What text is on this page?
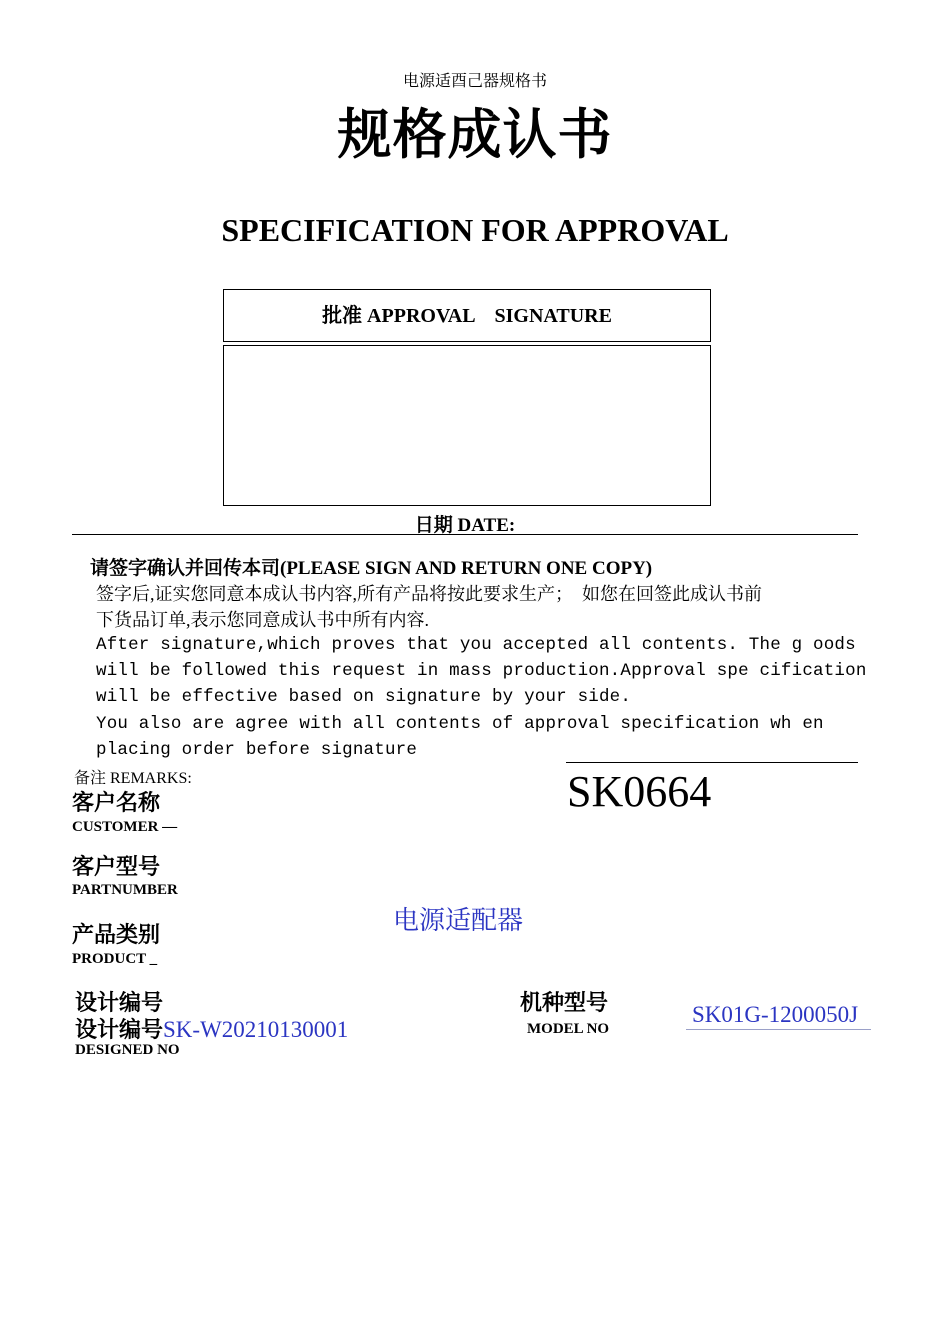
电源适酉己器规格书
规格成认书
SPECIFICATION FOR APPROVAL
批准 APPROVAL　SIGNATURE
日期 DATE:
请签字确认并回传本司(PLEASE SIGN AND RETURN ONE COPY)
签字后,证实您同意本成认书内容,所有产品将按此要求生产；　如您在回签此成认书前
下货品订单,表示您同意成认书中所有内容.
After signature,which proves that you accepted all contents. The g oods
will be followed this request in mass production.Approval spe cification
will be effective based on signature by your side.
You also are agree with all contents of approval specification wh en
placing order before signature
备注 REMARKS:	SK0664
客户名称
CUSTOMER —
客户型号
PARTNUMBER
产品类别
PRODUCT _
电源适配器
设计编号
设计编号SK-W20210130001
DESIGNED NO
机种型号
MODEL NO
SK01G-1200050J
